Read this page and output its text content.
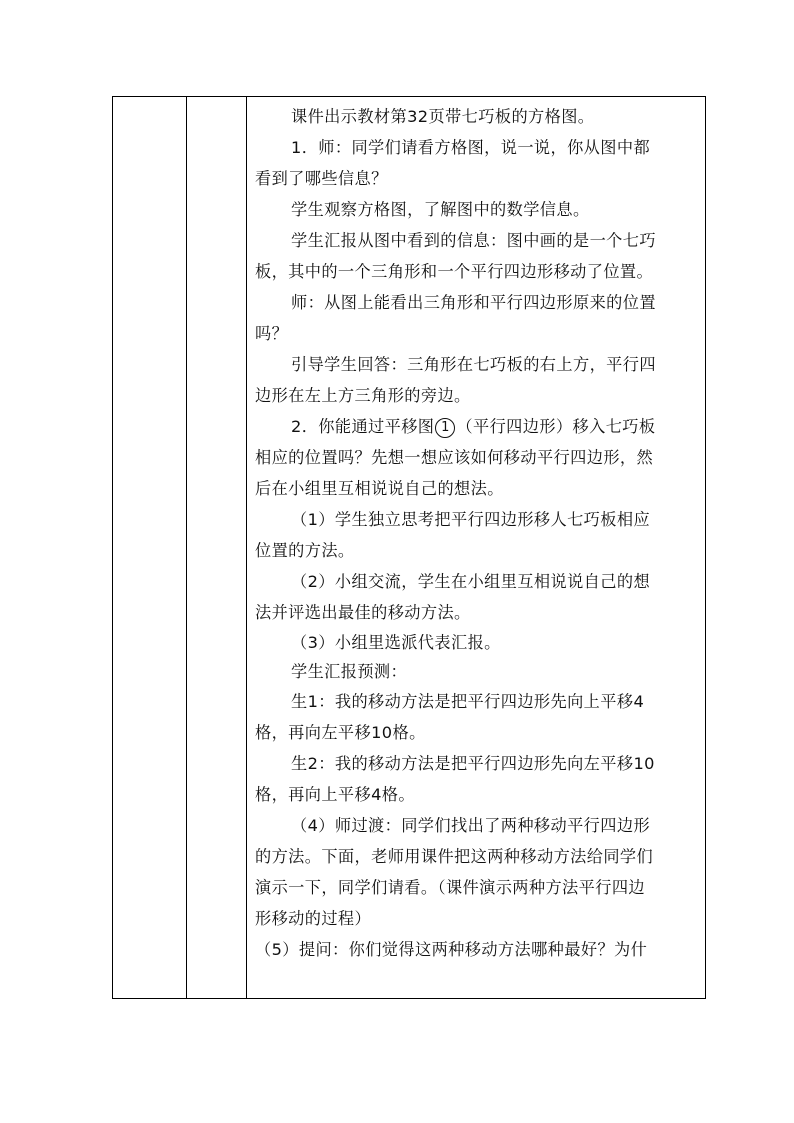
课件出示教材第32页带七巧板的方格图。
1．师：同学们请看方格图，说一说，你从图中都
看到了哪些信息？
学生观察方格图，了解图中的数学信息。
学生汇报从图中看到的信息：图中画的是一个七巧
板，其中的一个三角形和一个平行四边形移动了位置。
师：从图上能看出三角形和平行四边形原来的位置
吗？
引导学生回答：三角形在七巧板的右上方，平行四
边形在左上方三角形的旁边。
2．你能通过平移图 1 （平行四边形）移入七巧板
相应的位置吗？先想一想应该如何移动平行四边形，然
后在小组里互相说说自己的想法。
（1）学生独立思考把平行四边形移人七巧板相应
位置的方法。
（2）小组交流，学生在小组里互相说说自己的想
法并评选出最佳的移动方法。
（3）小组里选派代表汇报。
学生汇报预测：
生1：我的移动方法是把平行四边形先向上平移4
格，再向左平移10格。
生2：我的移动方法是把平行四边形先向左平移10
格，再向上平移4格。
（4）师过渡：同学们找出了两种移动平行四边形
的方法。下面，老师用课件把这两种移动方法给同学们
演示一下，同学们请看。（课件演示两种方法平行四边
形移动的过程）
（5）提问：你们觉得这两种移动方法哪种最好？为什
